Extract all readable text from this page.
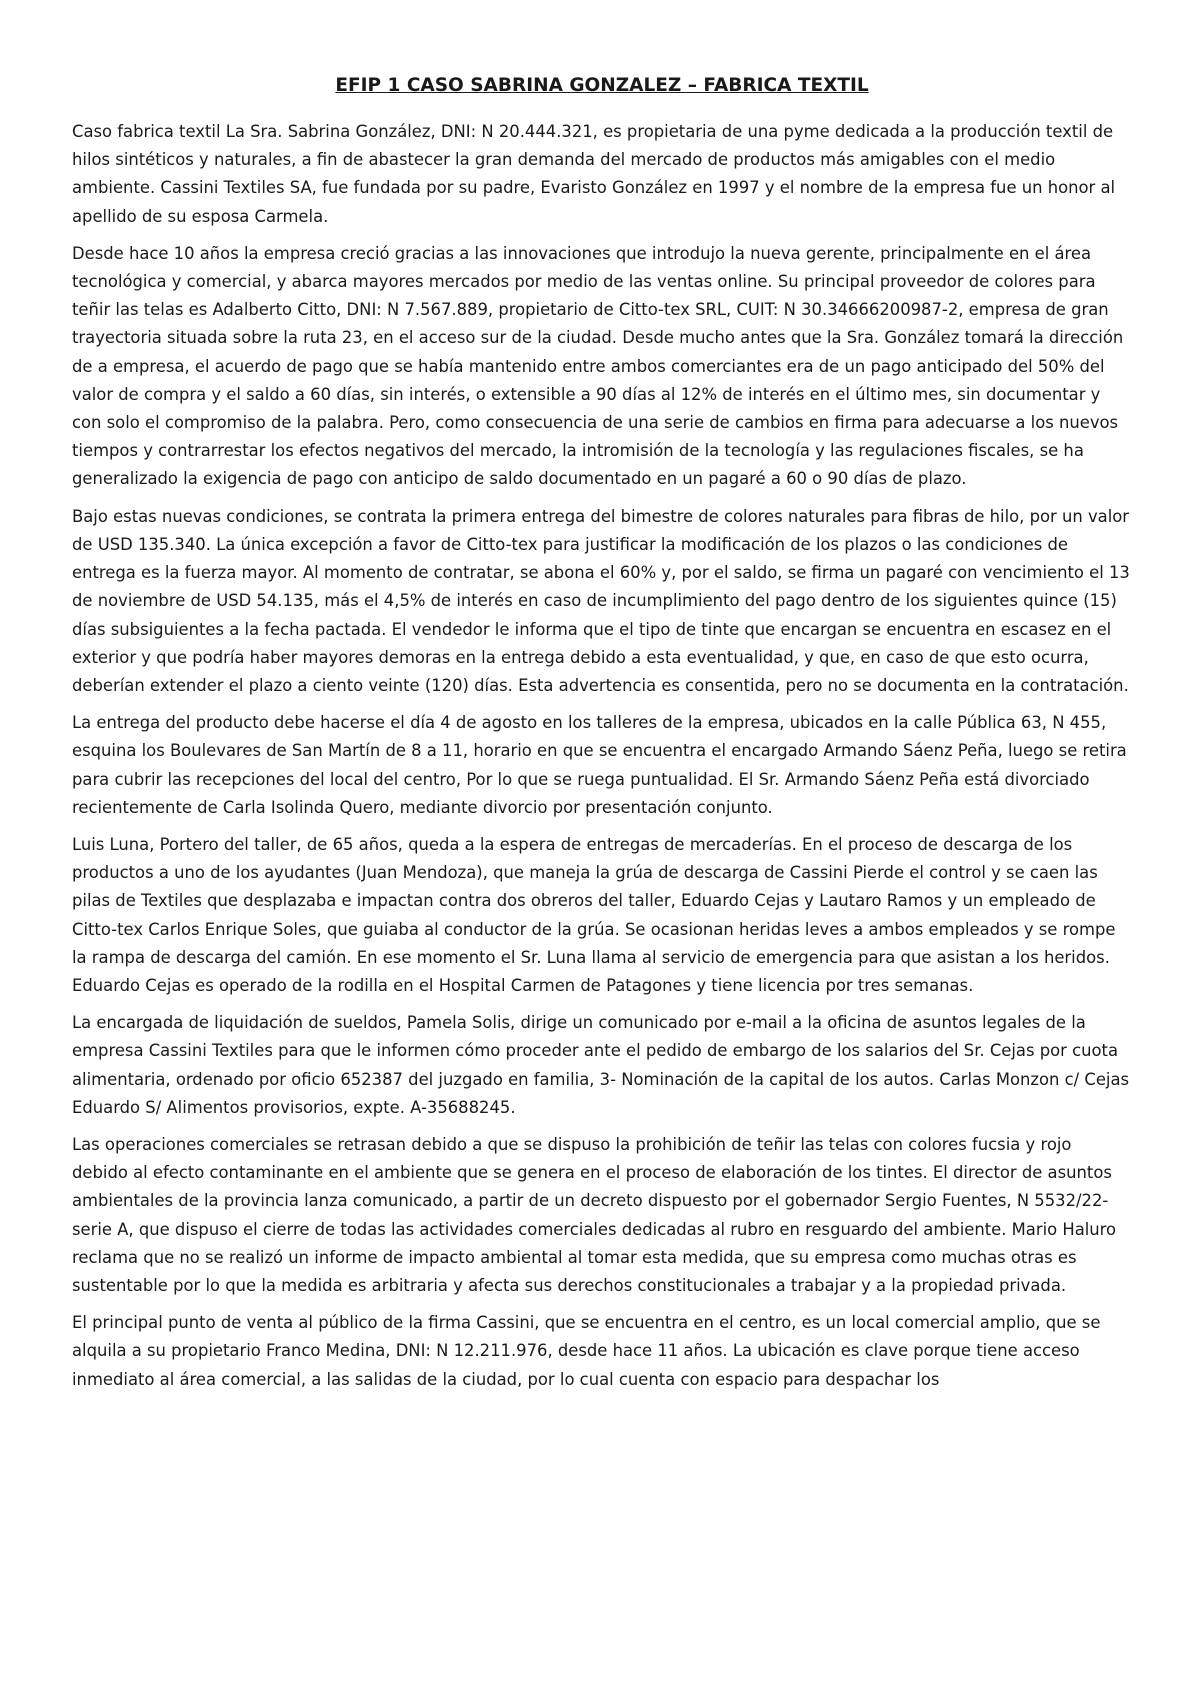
EFIP 1 CASO SABRINA GONZALEZ – FABRICA TEXTIL

Caso fabrica textil La Sra. Sabrina González, DNI: N 20.444.321, es propietaria de una pyme dedicada a la producción textil de hilos sintéticos y naturales, a fin de abastecer la gran demanda del mercado de productos más amigables con el medio ambiente. Cassini Textiles SA, fue fundada por su padre, Evaristo González en 1997 y el nombre de la empresa fue un honor al apellido de su esposa Carmela.

Desde hace 10 años la empresa creció gracias a las innovaciones que introdujo la nueva gerente, principalmente en el área tecnológica y comercial, y abarca mayores mercados por medio de las ventas online. Su principal proveedor de colores para teñir las telas es Adalberto Citto, DNI: N 7.567.889, propietario de Citto-tex SRL, CUIT: N 30.34666200987-2, empresa de gran trayectoria situada sobre la ruta 23, en el acceso sur de la ciudad. Desde mucho antes que la Sra. González tomará la dirección de a empresa, el acuerdo de pago que se había mantenido entre ambos comerciantes era de un pago anticipado del 50% del valor de compra y el saldo a 60 días, sin interés, o extensible a 90 días al 12% de interés en el último mes, sin documentar y con solo el compromiso de la palabra. Pero, como consecuencia de una serie de cambios en firma para adecuarse a los nuevos tiempos y contrarrestar los efectos negativos del mercado, la intromisión de la tecnología y las regulaciones fiscales, se ha generalizado la exigencia de pago con anticipo de saldo documentado en un pagaré a 60 o 90 días de plazo.

Bajo estas nuevas condiciones, se contrata la primera entrega del bimestre de colores naturales para fibras de hilo, por un valor de USD 135.340. La única excepción a favor de Citto-tex para justificar la modificación de los plazos o las condiciones de entrega es la fuerza mayor. Al momento de contratar, se abona el 60% y, por el saldo, se firma un pagaré con vencimiento el 13 de noviembre de USD 54.135, más el 4,5% de interés en caso de incumplimiento del pago dentro de los siguientes quince (15) días subsiguientes a la fecha pactada. El vendedor le informa que el tipo de tinte que encargan se encuentra en escasez en el exterior y que podría haber mayores demoras en la entrega debido a esta eventualidad, y que, en caso de que esto ocurra, deberían extender el plazo a ciento veinte (120) días. Esta advertencia es consentida, pero no se documenta en la contratación.

La entrega del producto debe hacerse el día 4 de agosto en los talleres de la empresa, ubicados en la calle Pública 63, N 455, esquina los Boulevares de San Martín de 8 a 11, horario en que se encuentra el encargado Armando Sáenz Peña, luego se retira para cubrir las recepciones del local del centro, Por lo que se ruega puntualidad. El Sr. Armando Sáenz Peña está divorciado recientemente de Carla Isolinda Quero, mediante divorcio por presentación conjunto.

Luis Luna, Portero del taller, de 65 años, queda a la espera de entregas de mercaderías. En el proceso de descarga de los productos a uno de los ayudantes (Juan Mendoza), que maneja la grúa de descarga de Cassini Pierde el control y se caen las pilas de Textiles que desplazaba e impactan contra dos obreros del taller, Eduardo Cejas y Lautaro Ramos y un empleado de Citto-tex Carlos Enrique Soles, que guiaba al conductor de la grúa. Se ocasionan heridas leves a ambos empleados y se rompe la rampa de descarga del camión. En ese momento el Sr. Luna llama al servicio de emergencia para que asistan a los heridos. Eduardo Cejas es operado de la rodilla en el Hospital Carmen de Patagones y tiene licencia por tres semanas.

La encargada de liquidación de sueldos, Pamela Solis, dirige un comunicado por e-mail a la oficina de asuntos legales de la empresa Cassini Textiles para que le informen cómo proceder ante el pedido de embargo de los salarios del Sr. Cejas por cuota alimentaria, ordenado por oficio 652387 del juzgado en familia, 3- Nominación de la capital de los autos. Carlas Monzon c/ Cejas Eduardo S/ Alimentos provisorios, expte. A-35688245.

Las operaciones comerciales se retrasan debido a que se dispuso la prohibición de teñir las telas con colores fucsia y rojo debido al efecto contaminante en el ambiente que se genera en el proceso de elaboración de los tintes. El director de asuntos ambientales de la provincia lanza comunicado, a partir de un decreto dispuesto por el gobernador Sergio Fuentes, N 5532/22- serie A, que dispuso el cierre de todas las actividades comerciales dedicadas al rubro en resguardo del ambiente. Mario Haluro reclama que no se realizó un informe de impacto ambiental al tomar esta medida, que su empresa como muchas otras es sustentable por lo que la medida es arbitraria y afecta sus derechos constitucionales a trabajar y a la propiedad privada.

El principal punto de venta al público de la firma Cassini, que se encuentra en el centro, es un local comercial amplio, que se alquila a su propietario Franco Medina, DNI: N 12.211.976, desde hace 11 años. La ubicación es clave porque tiene acceso inmediato al área comercial, a las salidas de la ciudad, por lo cual cuenta con espacio para despachar los
